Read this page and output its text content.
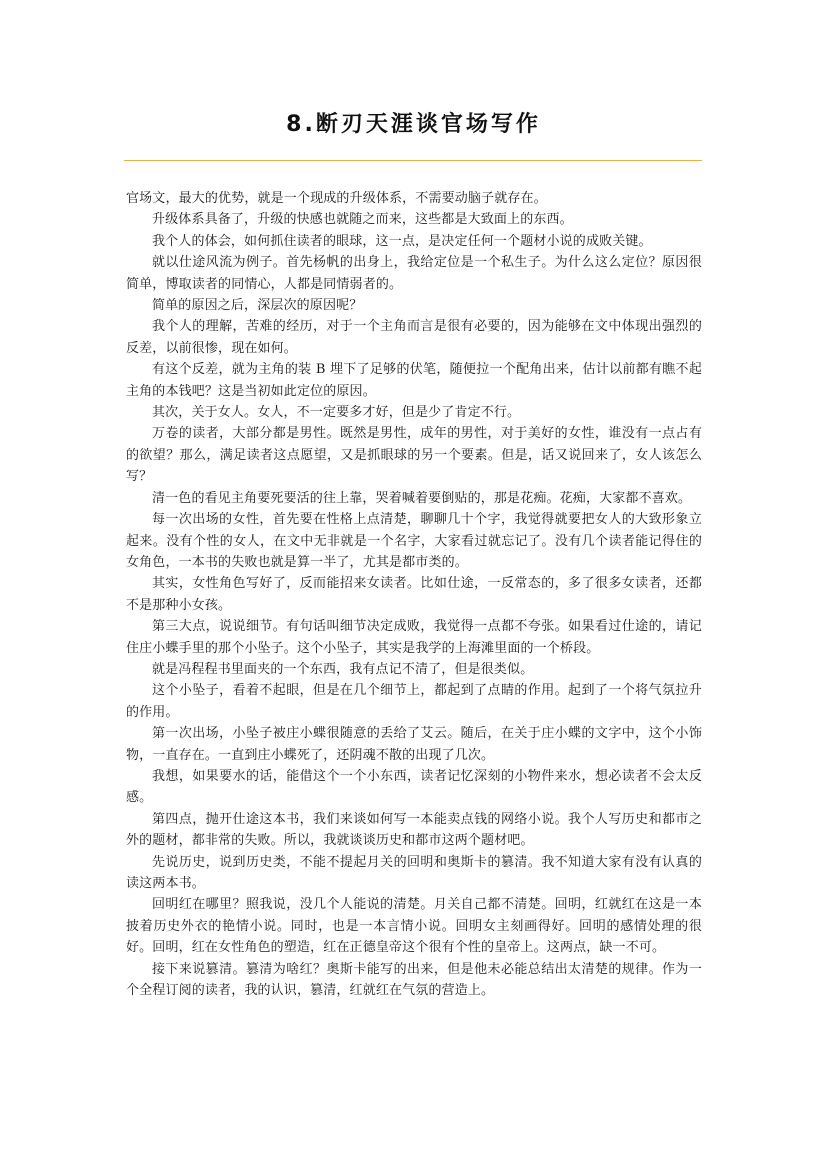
8.断刃天涯谈官场写作

官场文，最大的优势，就是一个现成的升级体系，不需要动脑子就存在。

升级体系具备了，升级的快感也就随之而来，这些都是大致面上的东西。

我个人的体会，如何抓住读者的眼球，这一点，是决定任何一个题材小说的成败关键。

就以仕途风流为例子。首先杨帆的出身上，我给定位是一个私生子。为什么这么定位？原因很简单，博取读者的同情心，人都是同情弱者的。

简单的原因之后，深层次的原因呢？

我个人的理解，苦难的经历，对于一个主角而言是很有必要的，因为能够在文中体现出强烈的反差，以前很惨，现在如何。

有这个反差，就为主角的装 B 埋下了足够的伏笔，随便拉一个配角出来，估计以前都有瞧不起主角的本钱吧？这是当初如此定位的原因。

其次，关于女人。女人，不一定要多才好，但是少了肯定不行。

万卷的读者，大部分都是男性。既然是男性，成年的男性，对于美好的女性，谁没有一点占有的欲望？那么，满足读者这点愿望，又是抓眼球的另一个要素。但是，话又说回来了，女人该怎么写？

清一色的看见主角要死要活的往上靠，哭着喊着要倒贴的，那是花痴。花痴，大家都不喜欢。

每一次出场的女性，首先要在性格上点清楚，聊聊几十个字，我觉得就要把女人的大致形象立起来。没有个性的女人，在文中无非就是一个名字，大家看过就忘记了。没有几个读者能记得住的女角色，一本书的失败也就是算一半了，尤其是都市类的。

其实，女性角色写好了，反而能招来女读者。比如仕途，一反常态的，多了很多女读者，还都不是那种小女孩。

第三大点，说说细节。有句话叫细节决定成败，我觉得一点都不夸张。如果看过仕途的，请记住庄小蝶手里的那个小坠子。这个小坠子，其实是我学的上海滩里面的一个桥段。

就是冯程程书里面夹的一个东西，我有点记不清了，但是很类似。

这个小坠子，看着不起眼，但是在几个细节上，都起到了点睛的作用。起到了一个将气氛拉升的作用。

第一次出场，小坠子被庄小蝶很随意的丢给了艾云。随后，在关于庄小蝶的文字中，这个小饰物，一直存在。一直到庄小蝶死了，还阴魂不散的出现了几次。

我想，如果要水的话，能借这个一个小东西，读者记忆深刻的小物件来水，想必读者不会太反感。

第四点，抛开仕途这本书，我们来谈如何写一本能卖点钱的网络小说。我个人写历史和都市之外的题材，都非常的失败。所以，我就谈谈历史和都市这两个题材吧。

先说历史，说到历史类，不能不提起月关的回明和奥斯卡的篡清。我不知道大家有没有认真的读这两本书。

回明红在哪里？照我说，没几个人能说的清楚。月关自己都不清楚。回明，红就红在这是一本披着历史外衣的艳情小说。同时，也是一本言情小说。回明女主刻画得好。回明的感情处理的很好。回明，红在女性角色的塑造，红在正德皇帝这个很有个性的皇帝上。这两点，缺一不可。

接下来说篡清。篡清为啥红？奥斯卡能写的出来，但是他未必能总结出太清楚的规律。作为一个全程订阅的读者，我的认识，篡清，红就红在气氛的营造上。
